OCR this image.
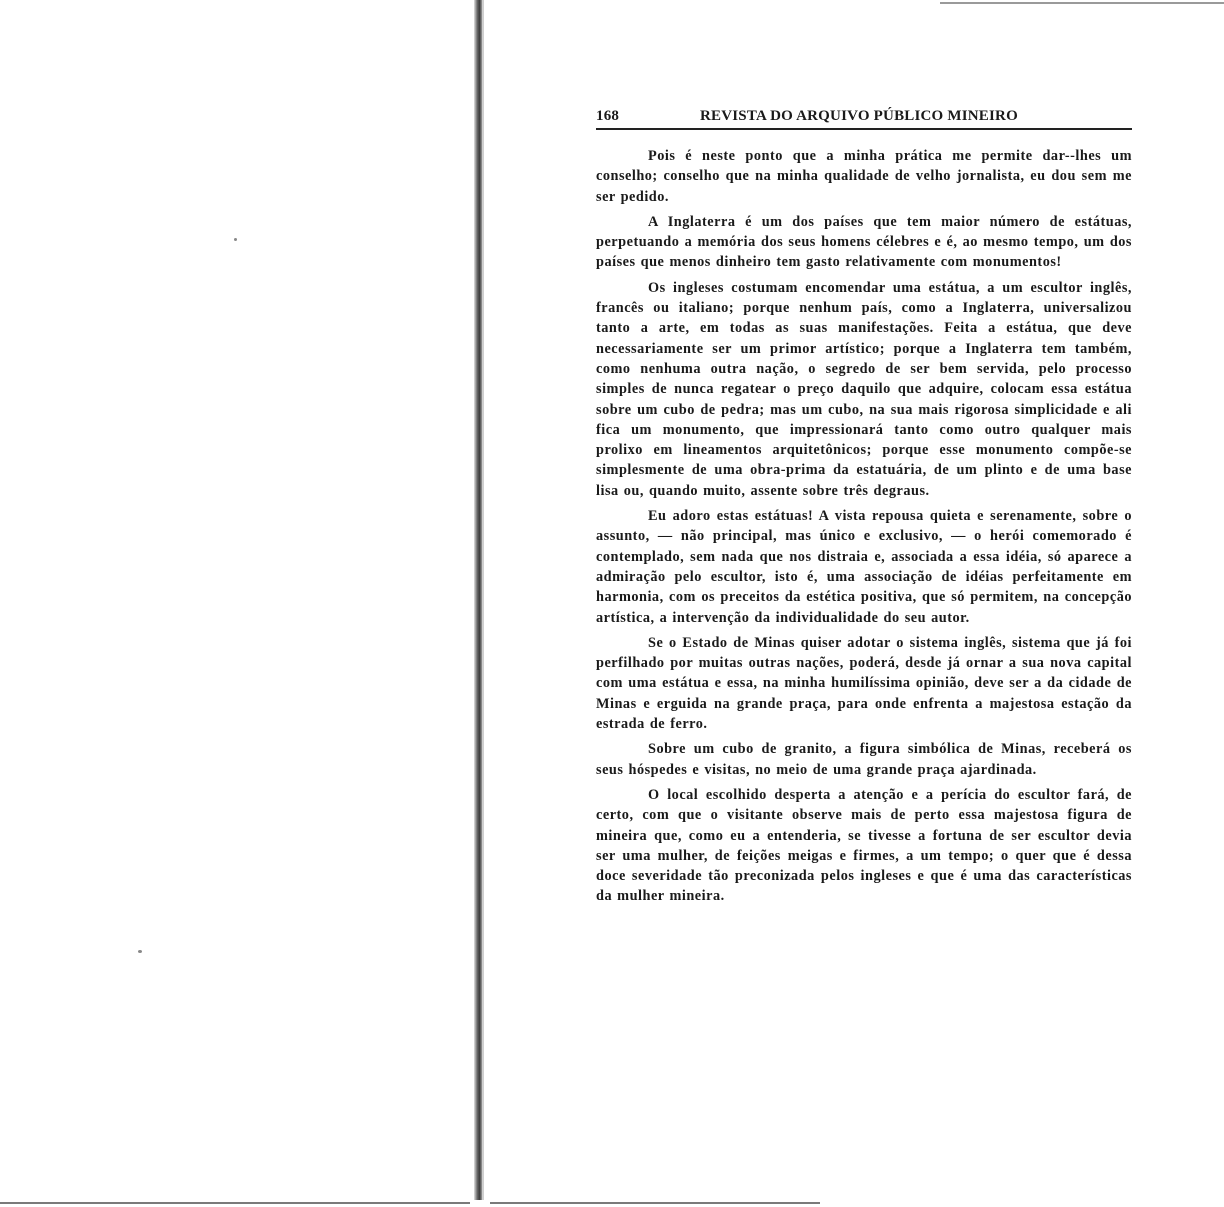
168	REVISTA DO ARQUIVO PÚBLICO MINEIRO

Pois é neste ponto que a minha prática me permite dar--lhes um conselho; conselho que na minha qualidade de velho jornalista, eu dou sem me ser pedido.

A Inglaterra é um dos países que tem maior número de estátuas, perpetuando a memória dos seus homens célebres e é, ao mesmo tempo, um dos países que menos dinheiro tem gasto relativamente com monumentos!

Os ingleses costumam encomendar uma estátua, a um escultor inglês, francês ou italiano; porque nenhum país, como a Inglaterra, universalizou tanto a arte, em todas as suas manifestações. Feita a estátua, que deve necessariamente ser um primor artístico; porque a Inglaterra tem também, como nenhuma outra nação, o segredo de ser bem servida, pelo processo simples de nunca regatear o preço daquilo que adquire, colocam essa estátua sobre um cubo de pedra; mas um cubo, na sua mais rigorosa simplicidade e ali fica um monumento, que impressionará tanto como outro qualquer mais prolixo em lineamentos arquitetônicos; porque esse monumento compõe-se simplesmente de uma obra-prima da estatuária, de um plinto e de uma base lisa ou, quando muito, assente sobre três degraus.

Eu adoro estas estátuas! A vista repousa quieta e serenamente, sobre o assunto, — não principal, mas único e exclusivo, — o herói comemorado é contemplado, sem nada que nos distraia e, associada a essa idéia, só aparece a admiração pelo escultor, isto é, uma associação de idéias perfeitamente em harmonia, com os preceitos da estética positiva, que só permitem, na concepção artística, a intervenção da individualidade do seu autor.

Se o Estado de Minas quiser adotar o sistema inglês, sistema que já foi perfilhado por muitas outras nações, poderá, desde já ornar a sua nova capital com uma estátua e essa, na minha humilíssima opinião, deve ser a da cidade de Minas e erguida na grande praça, para onde enfrenta a majestosa estação da estrada de ferro.

Sobre um cubo de granito, a figura simbólica de Minas, receberá os seus hóspedes e visitas, no meio de uma grande praça ajardinada.

O local escolhido desperta a atenção e a perícia do escultor fará, de certo, com que o visitante observe mais de perto essa majestosa figura de mineira que, como eu a entenderia, se tivesse a fortuna de ser escultor devia ser uma mulher, de feições meigas e firmes, a um tempo; o quer que é dessa doce severidade tão preconizada pelos ingleses e que é uma das características da mulher mineira.
